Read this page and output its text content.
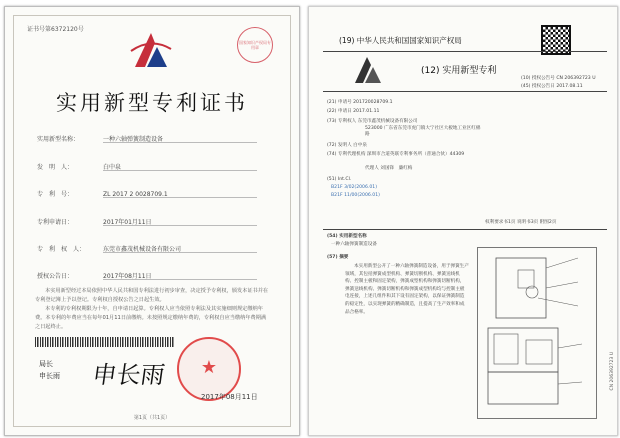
证书号第6372120号
国家知识产权局专用章
实用新型专利证书
实用新型名称：	一种六轴弹簧制造设备
发　明　人：	白中泉
专　利　号：	ZL 2017 2 0028709.1
专利申请日：	2017年01月11日
专　利　权　人：	东莞市鑫茂机械设备有限公司
授权公告日：	2017年08月11日
本实用新型经过本局依照中华人民共和国专利法进行初步审查，决定授予专利权，颁发本证书并在专利登记簿上予以登记。专利权自授权公告之日起生效。
本专利的专利权期限为十年，自申请日起算。专利权人应当依照专利法及其实施细则规定缴纳年费。本专利的年费应当在每年01月11日前缴纳。未按照规定缴纳年费的，专利权自应当缴纳年费期满之日起终止。
局长
申长雨 申长雨	★
2017年08月11日
第1页（共1页）
(19) 中华人民共和国国家知识产权局
(12) 实用新型专利
(10) 授权公告号 CN 206392723 U
(45) 授权公告日 2017.08.11
(21) 申请号 201720028709.1
(22) 申请日 2017.01.11
(73) 专利权人 东莞市鑫茂机械设备有限公司
523000 广东省东莞市虎门镇大宁社区大板地工业区红棉路
(72) 发明人 白中泉
(74) 专利代理机构 深圳市合道英联专利事务所（普通合伙）44309
代理人 刘国锋　廉红梅
(51) Int.Cl.
B21F 3/02(2006.01)
B21F 11/00(2006.01)
权利要求书1页 说明书3页 附图2页
(54) 实用新型名称
一种六轴弹簧制造设备
(57) 摘要
本实用新型公开了一种六轴弹簧制造设备，用于弹簧生产领域，其包括弹簧成型机构、弹簧切断机构、弹簧送线机构、控制主板和固定架构，弹簧成型机构和弹簧切断机构，弹簧送线机构、弹簧切断机构和弹簧成型机构均与控制主板电连接，上述几组件和其下设有固定架构，以保证弹簧制造的稳定性，以实现弹簧的精确制造，且提高了生产效率和成品合格率。
CN 206392723 U
